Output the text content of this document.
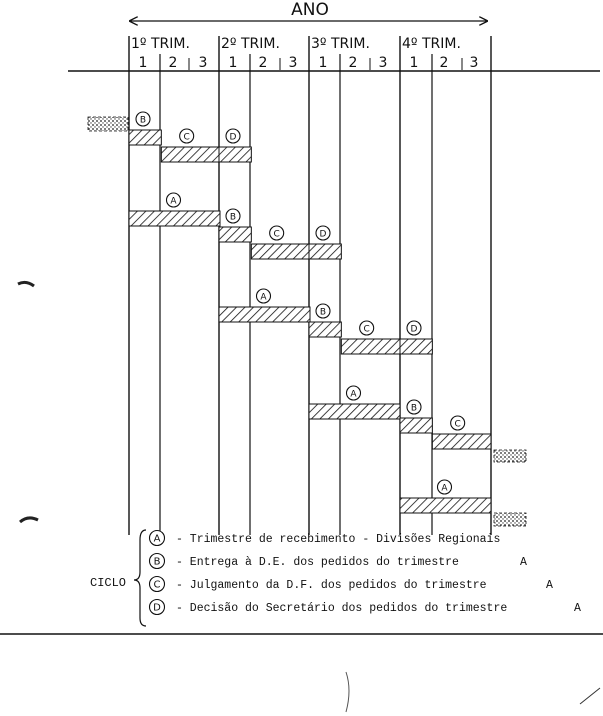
ANO
1º TRIM.
1 2 3
2º TRIM.
1 2 3
3º TRIM.
1 2 3
4º TRIM.
1 2 3
B
C
A
D
B
C
A
D
B
C
A
D
B
C
A
CICLO
A - Trimestre de recebimento - Divisões Regionais
B - Entrega à D.E. dos pedidos do trimestre	A
C - Julgamento da D.F. dos pedidos do trimestre	A
D - Decisão do Secretário dos pedidos do trimestre	A
